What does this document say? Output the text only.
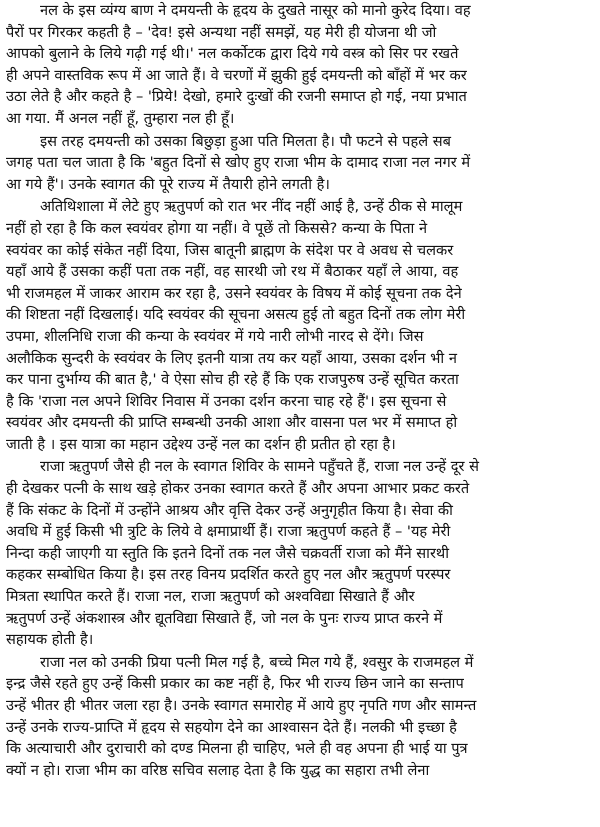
नल के इस व्यंग्य बाण ने दमयन्ती के हृदय के दुखते नासूर को मानो कुरेद दिया। वह
पैरों पर गिरकर कहती है – 'देव! इसे अन्यथा नहीं समझें, यह मेरी ही योजना थी जो
आपको बुलाने के लिये गढ़ी गई थी।' नल कर्कोटक द्वारा दिये गये वस्त्र को सिर पर रखते
ही अपने वास्तविक रूप में आ जाते हैं। वे चरणों में झुकी हुई दमयन्ती को बाँहों में भर कर
उठा लेते है और कहते है – 'प्रिये! देखो, हमारे दुःखों की रजनी समाप्त हो गई, नया प्रभात
आ गया. मैं अनल नहीं हूँ, तुम्हारा नल ही हूँ।
इस तरह दमयन्ती को उसका बिछुड़ा हुआ पति मिलता है। पौ फटने से पहले सब
जगह पता चल जाता है कि 'बहुत दिनों से खोए हुए राजा भीम के दामाद राजा नल नगर में
आ गये हैं'। उनके स्वागत की पूरे राज्य में तैयारी होने लगती है।
अतिथिशाला में लेटे हुए ऋतुपर्ण को रात भर नींद नहीं आई है, उन्हें ठीक से मालूम
नहीं हो रहा है कि कल स्वयंवर होगा या नहीं। वे पूछें तो किससे? कन्या के पिता ने
स्वयंवर का कोई संकेत नहीं दिया, जिस बातूनी ब्राह्मण के संदेश पर वे अवध से चलकर
यहाँ आये हैं उसका कहीं पता तक नहीं, वह सारथी जो रथ में बैठाकर यहाँ ले आया, वह
भी राजमहल में जाकर आराम कर रहा है, उसने स्वयंवर के विषय में कोई सूचना तक देने
की शिष्टता नहीं दिखलाई। यदि स्वयंवर की सूचना असत्य हुई तो बहुत दिनों तक लोग मेरी
उपमा, शीलनिधि राजा की कन्या के स्वयंवर में गये नारी लोभी नारद से देंगे। जिस
अलौकिक सुन्दरी के स्वयंवर के लिए इतनी यात्रा तय कर यहाँ आया, उसका दर्शन भी न
कर पाना दुर्भाग्य की बात है,' वे ऐसा सोच ही रहे हैं कि एक राजपुरुष उन्हें सूचित करता
है कि 'राजा नल अपने शिविर निवास में उनका दर्शन करना चाह रहे हैं'। इस सूचना से
स्वयंवर और दमयन्ती की प्राप्ति सम्बन्धी उनकी आशा और वासना पल भर में समाप्त हो
जाती है । इस यात्रा का महान उद्देश्य उन्हें नल का दर्शन ही प्रतीत हो रहा है।
राजा ऋतुपर्ण जैसे ही नल के स्वागत शिविर के सामने पहुँचते हैं, राजा नल उन्हें दूर से
ही देखकर पत्नी के साथ खड़े होकर उनका स्वागत करते हैं और अपना आभार प्रकट करते
हैं कि संकट के दिनों में उन्होंने आश्रय और वृत्ति देकर उन्हें अनुगृहीत किया है। सेवा की
अवधि में हुई किसी भी त्रुटि के लिये वे क्षमाप्रार्थी हैं। राजा ऋतुपर्ण कहते हैं – 'यह मेरी
निन्दा कही जाएगी या स्तुति कि इतने दिनों तक नल जैसे चक्रवर्ती राजा को मैंने सारथी
कहकर सम्बोधित किया है। इस तरह विनय प्रदर्शित करते हुए नल और ऋतुपर्ण परस्पर
मित्रता स्थापित करते हैं। राजा नल, राजा ऋतुपर्ण को अश्वविद्या सिखाते हैं और
ऋतुपर्ण उन्हें अंकशास्त्र और द्यूतविद्या सिखाते हैं, जो नल के पुनः राज्य प्राप्त करने में
सहायक होती है।
राजा नल को उनकी प्रिया पत्नी मिल गई है, बच्चे मिल गये हैं, श्वसुर के राजमहल में
इन्द्र जैसे रहते हुए उन्हें किसी प्रकार का कष्ट नहीं है, फिर भी राज्य छिन जाने का सन्ताप
उन्हें भीतर ही भीतर जला रहा है। उनके स्वागत समारोह में आये हुए नृपति गण और सामन्त
उन्हें उनके राज्य-प्राप्ति में हृदय से सहयोग देने का आश्वासन देते हैं। नलकी भी इच्छा है
कि अत्याचारी और दुराचारी को दण्ड मिलना ही चाहिए, भले ही वह अपना ही भाई या पुत्र
क्यों न हो। राजा भीम का वरिष्ठ सचिव सलाह देता है कि युद्ध का सहारा तभी लेना
